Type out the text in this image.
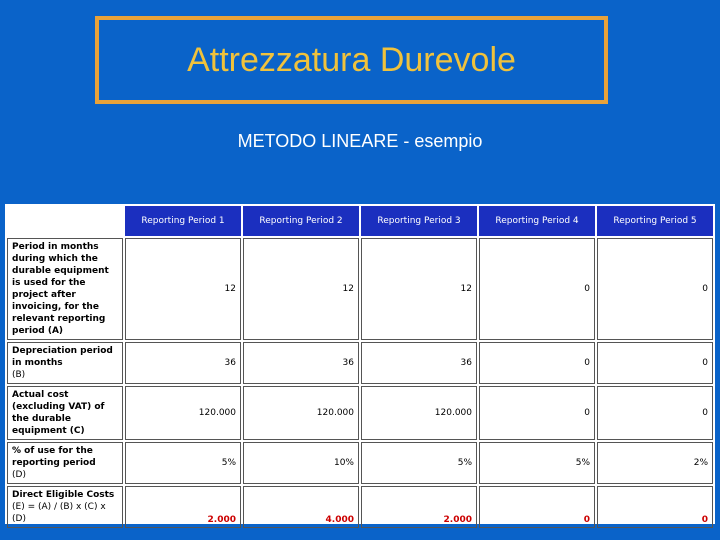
Attrezzatura Durevole
METODO LINEARE - esempio
	Reporting Period 1	Reporting Period 2	Reporting Period 3	Reporting Period 4	Reporting Period 5

Period in months during which the durable equipment is used for the project after invoicing, for the relevant reporting period (A)	12	12	12	0	0

Depreciation period in months
(B)	36	36	36	0	0

Actual cost (excluding VAT) of the durable equipment (C)	120.000	120.000	120.000	0	0

% of use for the reporting period
(D)	5%	10%	5%	5%	2%

Direct Eligible Costs
(E) = (A) / (B) x (C) x (D)	2.000	4.000	2.000	0	0
